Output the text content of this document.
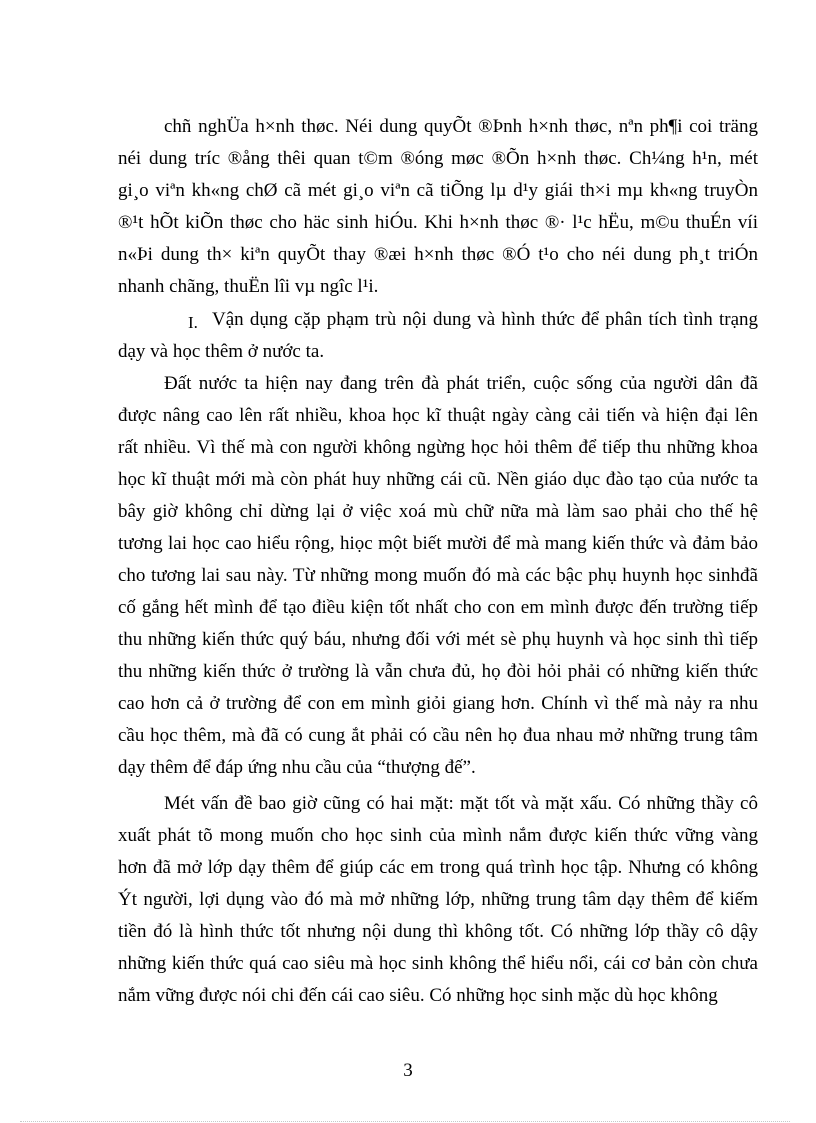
chñ nghÜa h×nh thøc. Néi dung quyÕt ®Þnh h×nh thøc, nªn ph¶i coi träng
néi dung tríc ®ång thêi quan t©m ®óng møc ®Õn h×nh thøc. Ch¼ng h¹n, mét
gi¸o viªn kh«ng chØ cã mét gi¸o viªn cã tiÕng lµ d¹y giái th×i mµ kh«ng truyÒn
®¹t hÕt kiÕn thøc cho häc sinh hiÓu. Khi h×nh thøc ®· l¹c hËu, m©u thuÉn víi
n«Þi dung th× kiªn quyÕt thay ®æi h×nh thøc ®Ó t¹o cho néi dung ph¸t triÓn
nhanh chãng, thuËn lîi vµ ngîc l¹i.
I. Vận dụng cặp phạm trù nội dung và hình thức để phân tích tình trạng
dạy và học thêm ở nước ta.
Đất nước ta hiện nay đang trên đà phát triển, cuộc sống của người dân đã
được nâng cao lên rất nhiều, khoa học kĩ thuật ngày càng cải tiến và hiện đại lên
rất nhiều. Vì thế mà con người không ngừng học hỏi thêm để tiếp thu những khoa
học kĩ thuật mới mà còn phát huy những cái cũ. Nền giáo dục đào tạo của nước ta
bây giờ không chỉ dừng lại ở việc xoá mù chữ nữa mà làm sao phải cho thế hệ
tương lai học cao hiểu rộng, hiọc một biết mười để mà mang kiến thức và đảm bảo
cho tương lai sau này. Từ những mong muốn đó mà các bậc phụ huynh học sinhđã
cố gắng hết mình để tạo điều kiện tốt nhất cho con em mình được đến trường tiếp
thu những kiến thức quý báu, nhưng đối với mét sè phụ huynh và học sinh thì tiếp
thu những kiến thức ở trường là vẫn chưa đủ, họ đòi hỏi phải có những kiến thức
cao hơn cả ở trường để con em mình giỏi giang hơn. Chính vì thế mà nảy ra nhu
cầu học thêm, mà đã có cung ắt phải có cầu nên họ đua nhau mở những trung tâm
dạy thêm để đáp ứng nhu cầu của “thượng đế”.
Mét vấn đề bao giờ cũng có hai mặt: mặt tốt và mặt xấu. Có những thầy cô
xuất phát tõ mong muốn cho học sinh của mình nắm được kiến thức vững vàng
hơn đã mở lớp dạy thêm để giúp các em trong quá trình học tập. Nhưng có không
Ýt người, lợi dụng vào đó mà mở những lớp, những trung tâm dạy thêm để kiếm
tiền đó là hình thức tốt nhưng nội dung thì không tốt. Có những lớp thầy cô dậy
những kiến thức quá cao siêu mà học sinh không thể hiểu nổi, cái cơ bản còn chưa
nắm vững được nói chi đến cái cao siêu. Có những học sinh mặc dù học không
3
